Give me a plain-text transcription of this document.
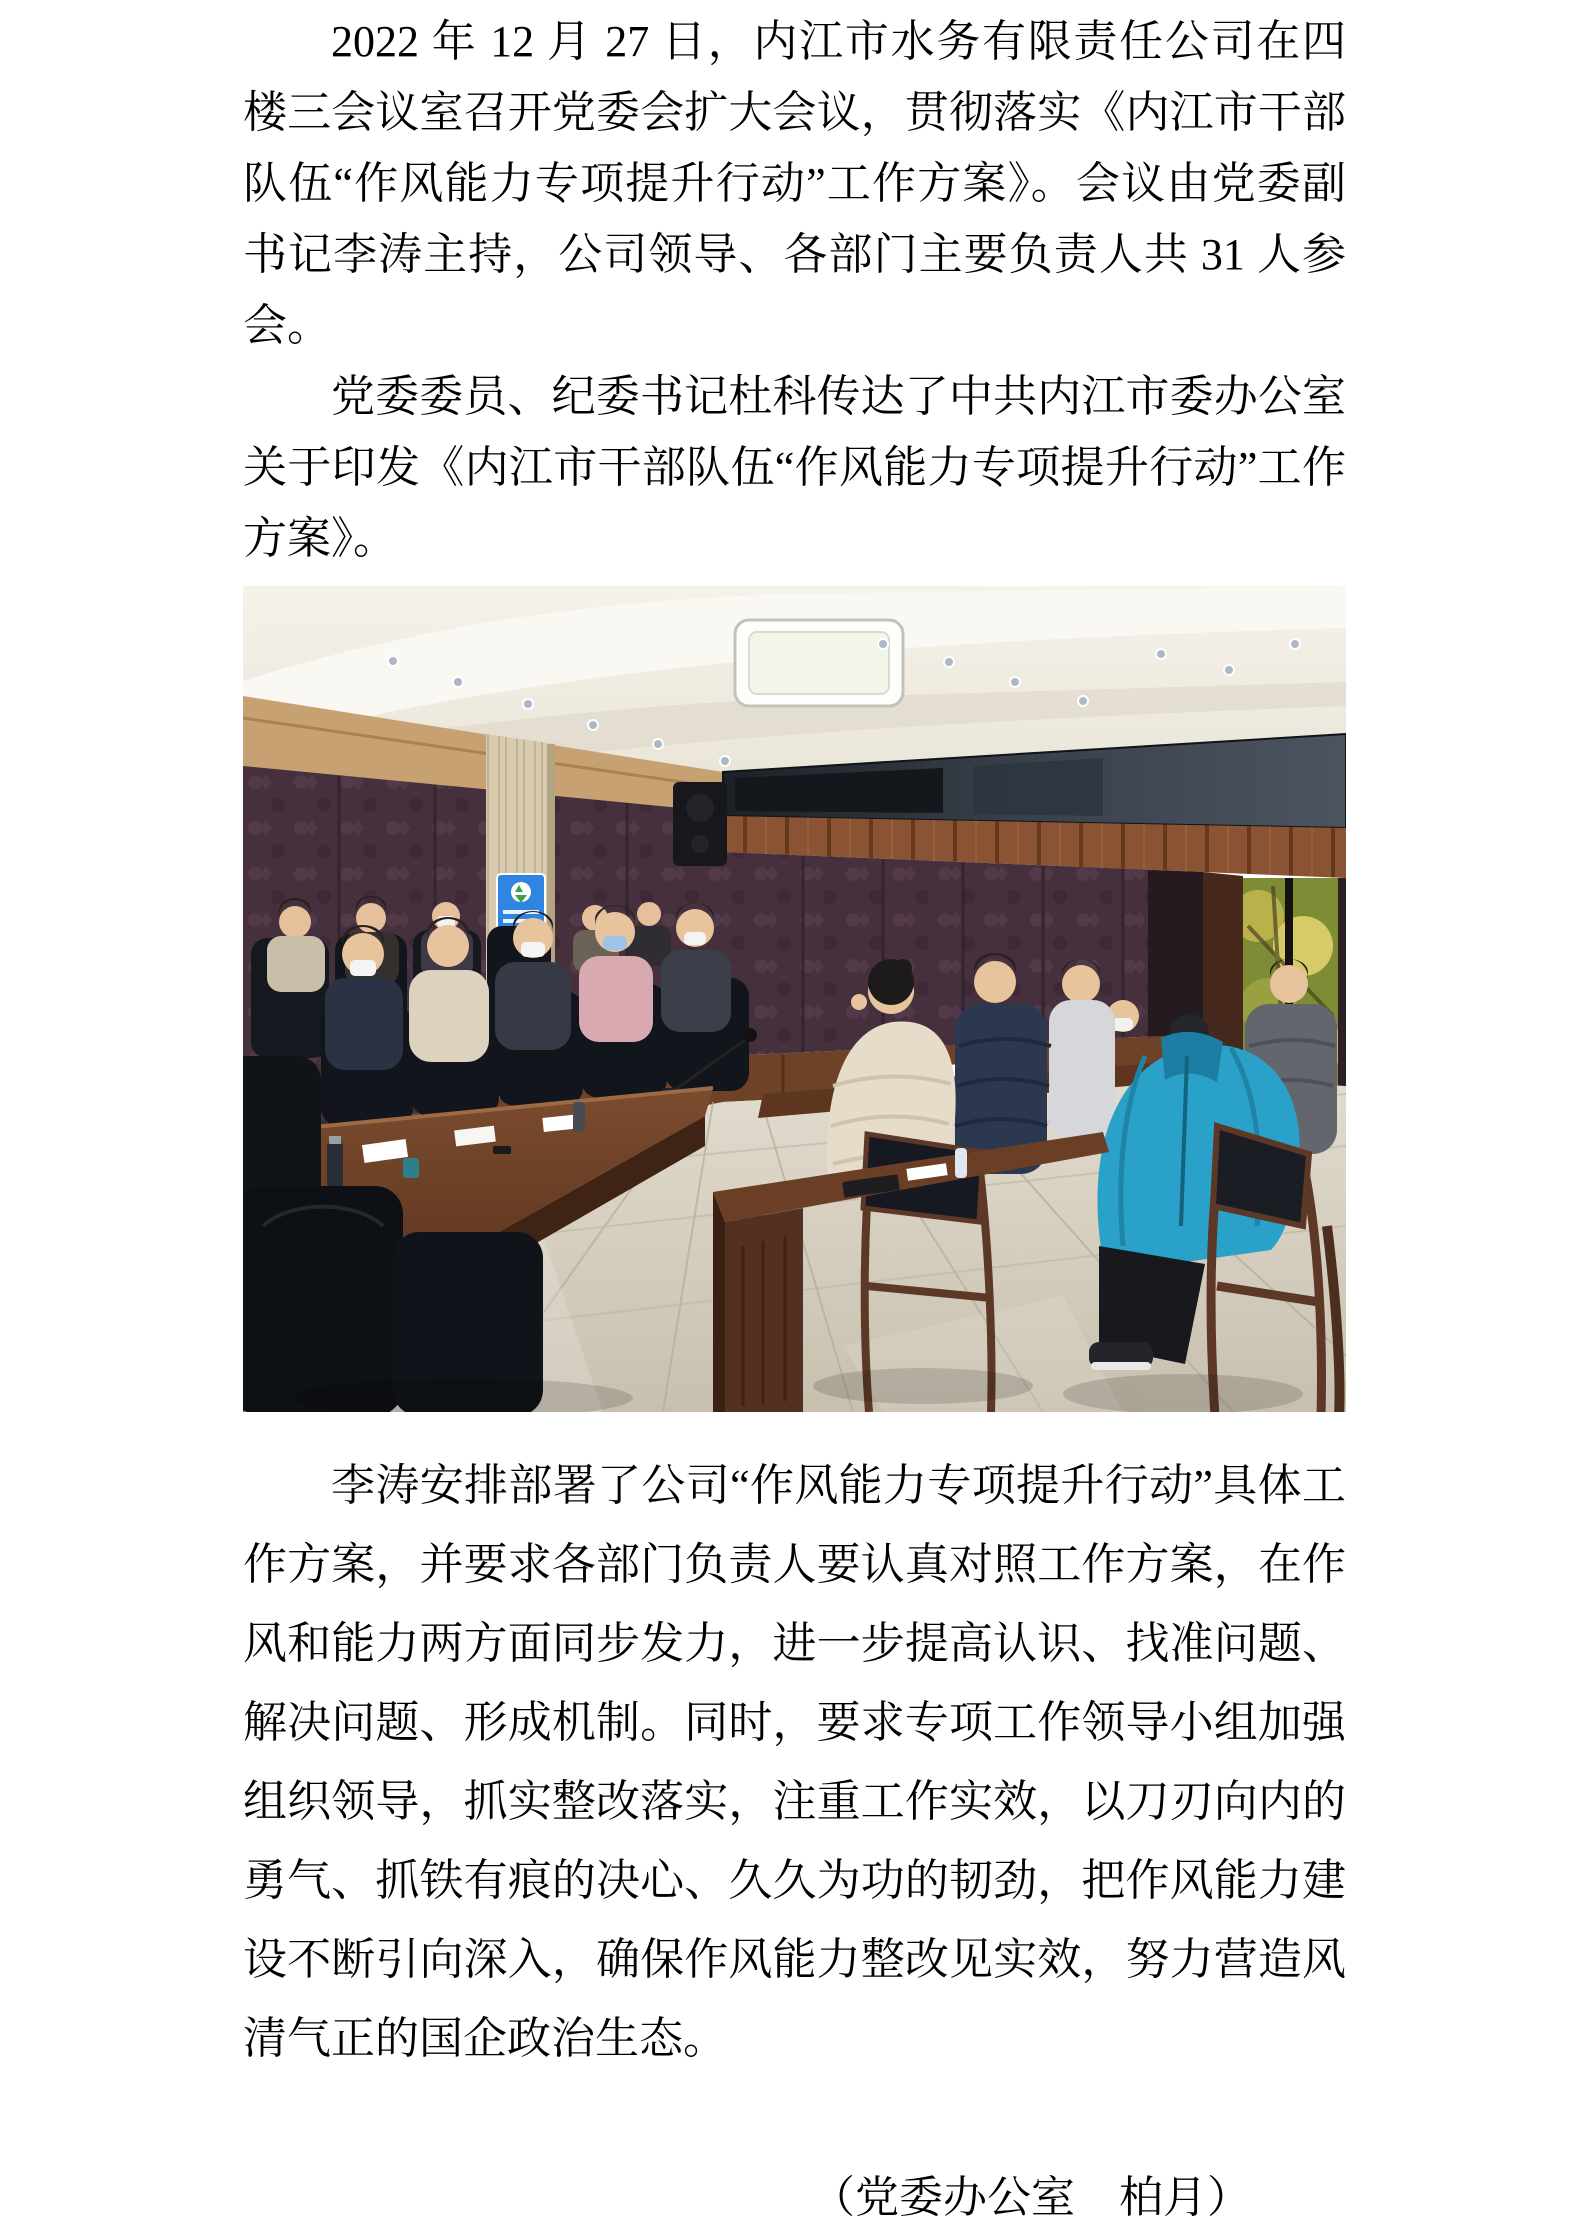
2022 年 12 月 27 日，内江市水务有限责任公司在四楼三会议室召开党委会扩大会议，贯彻落实《内江市干部队伍“作风能力专项提升行动”工作方案》。会议由党委副书记李涛主持，公司领导、各部门主要负责人共 31 人参会。

党委委员、纪委书记杜科传达了中共内江市委办公室关于印发《内江市干部队伍“作风能力专项提升行动”工作方案》。

李涛安排部署了公司“作风能力专项提升行动”具体工作方案，并要求各部门负责人要认真对照工作方案，在作风和能力两方面同步发力，进一步提高认识、找准问题、解决问题、形成机制。同时，要求专项工作领导小组加强组织领导，抓实整改落实，注重工作实效，以刀刃向内的勇气、抓铁有痕的决心、久久为功的韧劲，把作风能力建设不断引向深入，确保作风能力整改见实效，努力营造风清气正的国企政治生态。

（党委办公室　柏月）
